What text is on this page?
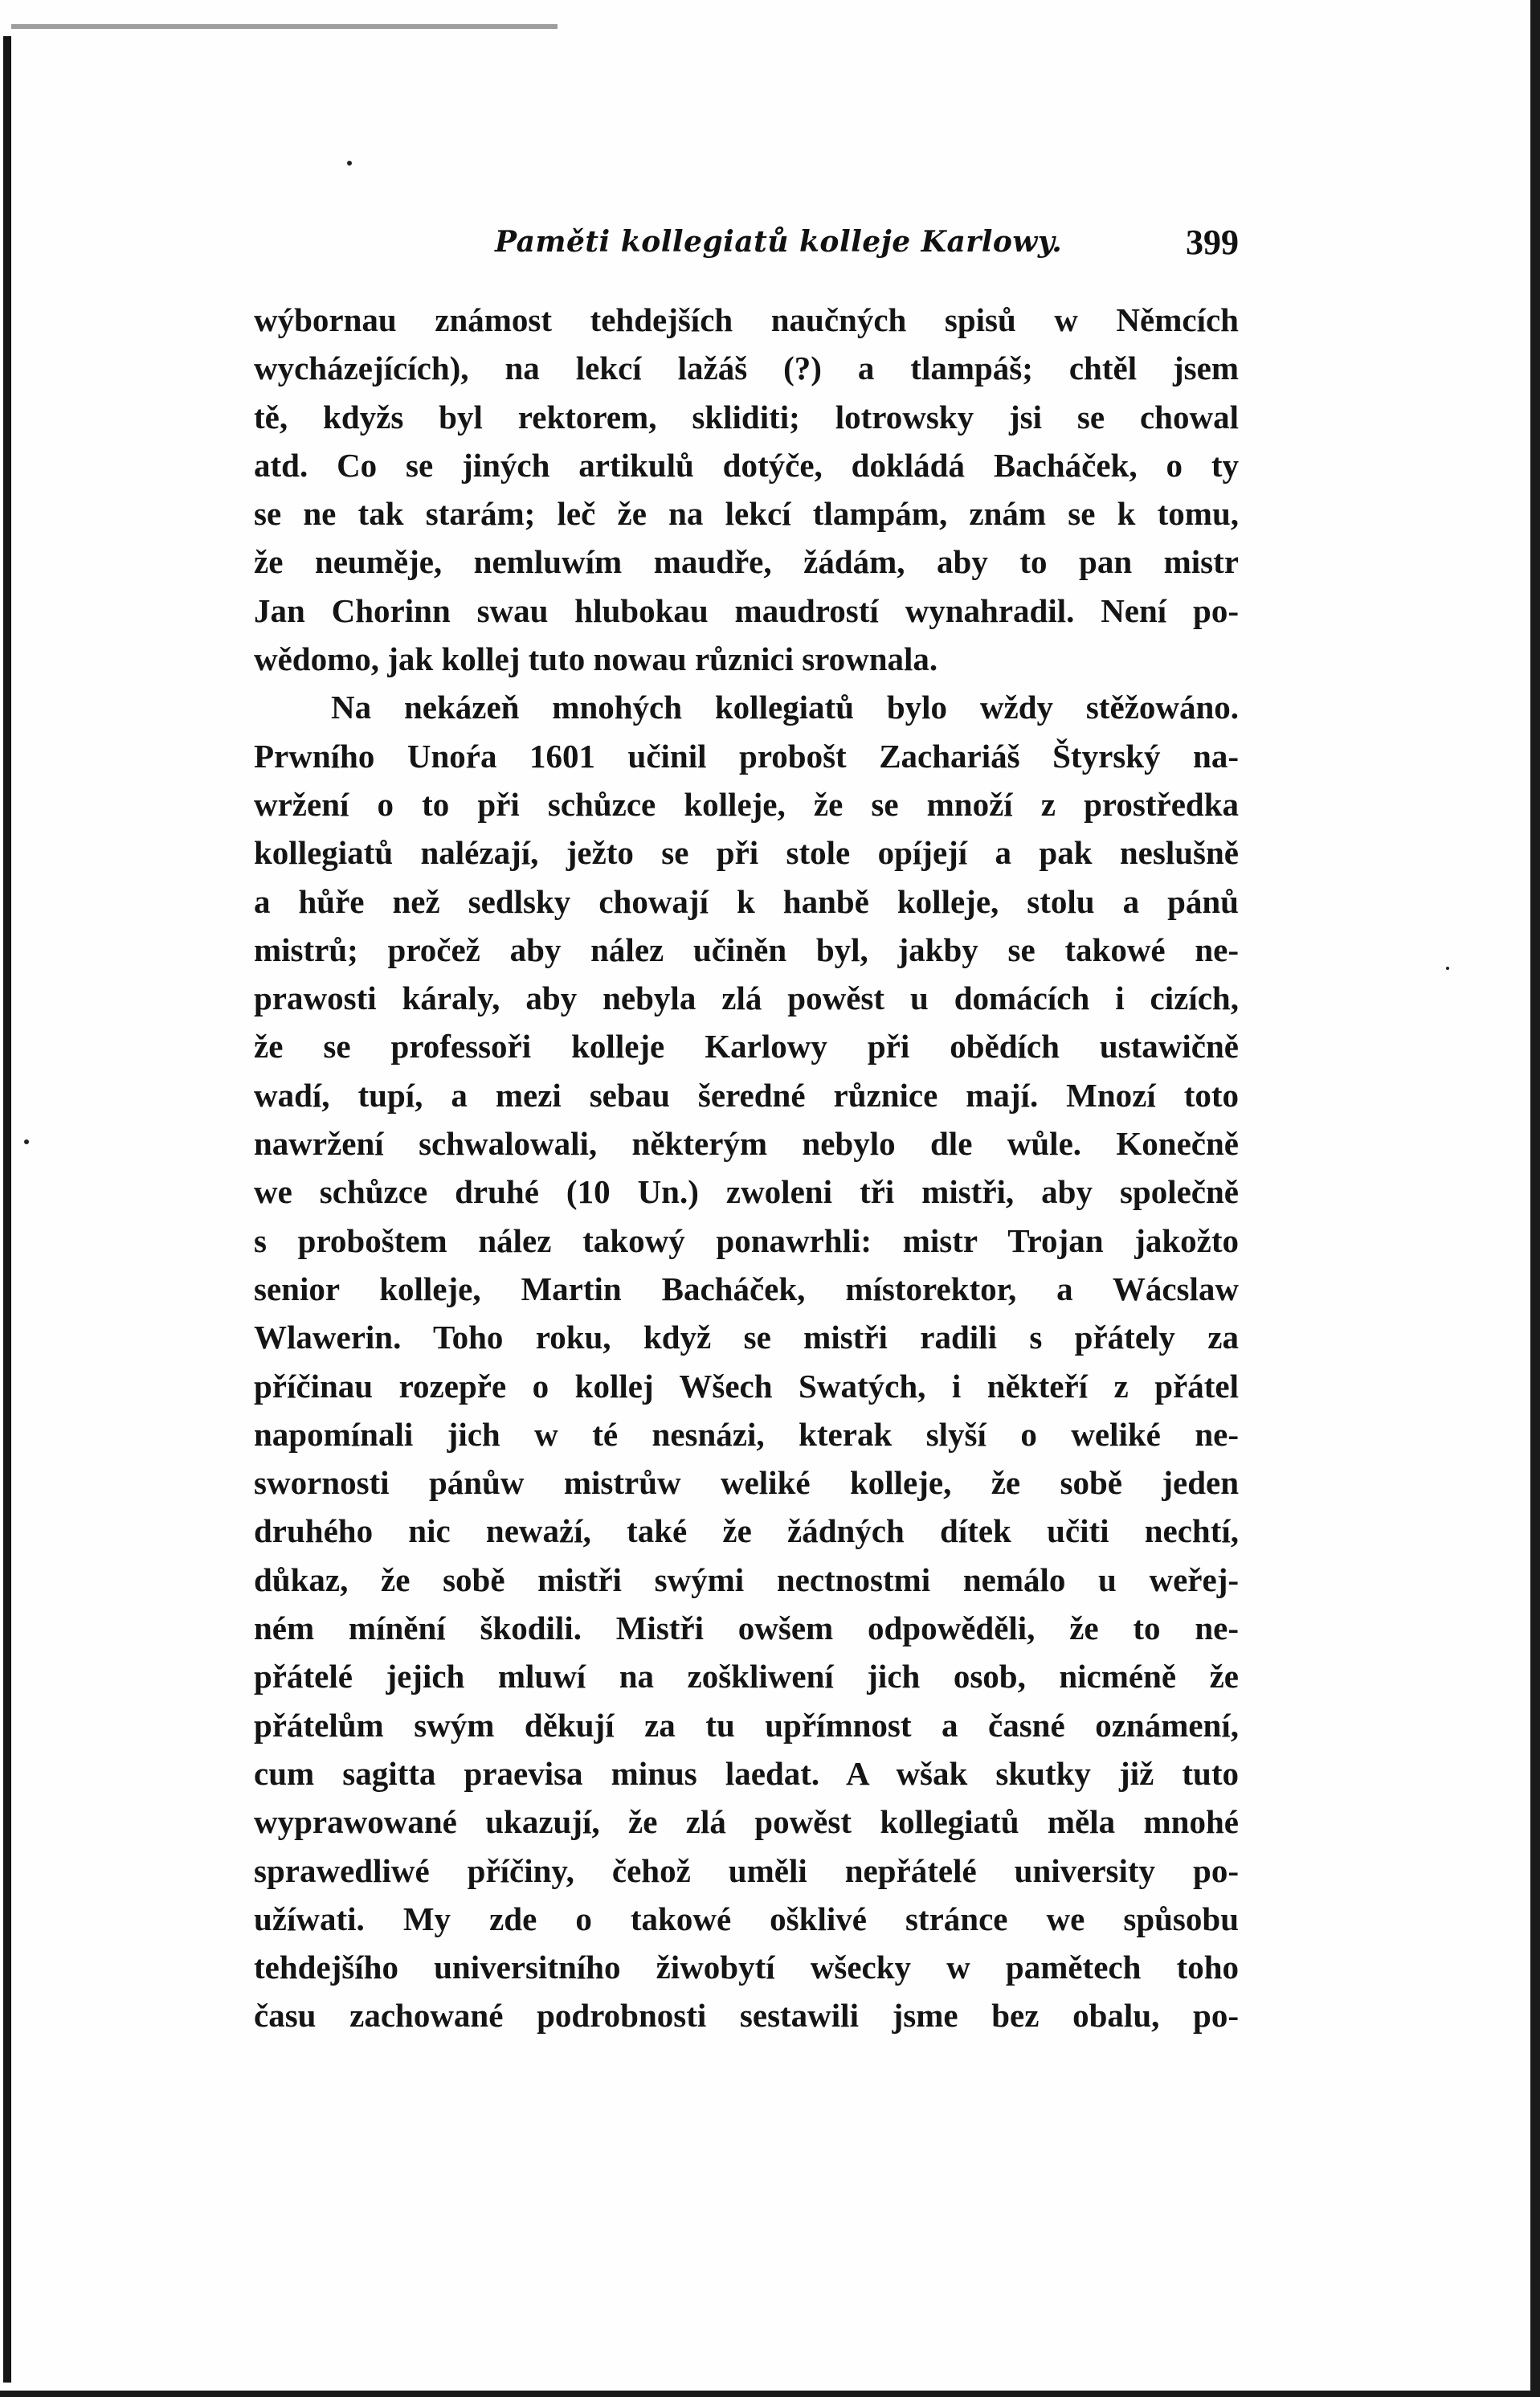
Paměti kollegiatů kolleje Karlowy.	399
wýbornau známost tehdejších naučných spisů w Němcích
wycházejících), na lekcí lažáš (?) a tlampáš; chtěl jsem
tě, kdyžs byl rektorem, skliditi; lotrowsky jsi se chowal
atd. Co se jiných artikulů dotýče, dokládá Bacháček, o ty
se ne tak starám; leč že na lekcí tlampám, znám se k tomu,
že neuměje, nemluwím maudře, žádám, aby to pan mistr
Jan Chorinn swau hlubokau maudrostí wynahradil. Není po-
wědomo, jak kollej tuto nowau různici srownala.
Na nekázeň mnohých kollegiatů bylo wždy stěžowáno.
Prwního Unoŕa 1601 učinil probošt Zachariáš Štyrský na-
wržení o to při schůzce kolleje, že se množí z prostředka
kollegiatů nalézají, ježto se při stole opíjejí a pak neslušně
a hůře než sedlsky chowají k hanbě kolleje, stolu a pánů
mistrů; pročež aby nález učiněn byl, jakby se takowé ne-
prawosti káraly, aby nebyla zlá powěst u domácích i cizích,
že se professoři kolleje Karlowy při obědích ustawičně
wadí, tupí, a mezi sebau šeredné různice mají. Mnozí toto
nawržení schwalowali, některým nebylo dle wůle. Konečně
we schůzce druhé (10 Un.) zwoleni tři mistři, aby společně
s proboštem nález takowý ponawrhli: mistr Trojan jakožto
senior kolleje, Martin Bacháček, místorektor, a Wácslaw
Wlawerin. Toho roku, když se mistři radili s přátely za
příčinau rozepře o kollej Wšech Swatých, i někteří z přátel
napomínali jich w té nesnázi, kterak slyší o weliké ne-
swornosti pánůw mistrůw weliké kolleje, že sobě jeden
druhého nic neważí, také že žádných dítek učiti nechtí,
důkaz, že sobě mistři swými nectnostmi nemálo u weřej-
ném mínění škodili. Mistři owšem odpowěděli, že to ne-
přátelé jejich mluwí na zoškliwení jich osob, nicméně že
přátelům swým děkují za tu upřímnost a časné oznámení,
cum sagitta praevisa minus laedat. A wšak skutky již tuto
wyprawowané ukazují, že zlá powěst kollegiatů měla mnohé
sprawedliwé příčiny, čehož uměli nepřátelé university po-
užíwati. My zde o takowé ošklivé stránce we spůsobu
tehdejšího universitního žiwobytí wšecky w pamětech toho
času zachowané podrobnosti sestawili jsme bez obalu, po-
